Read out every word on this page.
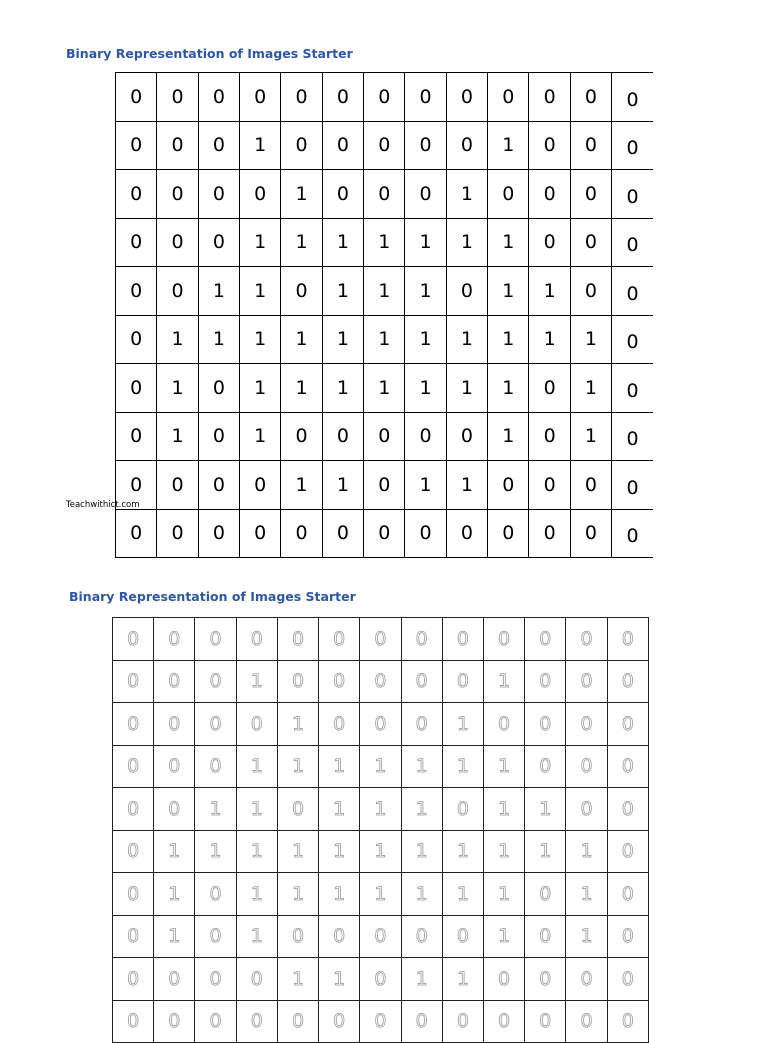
Binary Representation of Images Starter
0	0	0	0	0	0	0	0	0	0	0	0	0
0	0	0	1	0	0	0	0	0	1	0	0	0
0	0	0	0	1	0	0	0	1	0	0	0	0
0	0	0	1	1	1	1	1	1	1	0	0	0
0	0	1	1	0	1	1	1	0	1	1	0	0
0	1	1	1	1	1	1	1	1	1	1	1	0
0	1	0	1	1	1	1	1	1	1	0	1	0
0	1	0	1	0	0	0	0	0	1	0	1	0
0	0	0	0	1	1	0	1	1	0	0	0	0
0	0	0	0	0	0	0	0	0	0	0	0	0
Teachwithict.com
Binary Representation of Images Starter
0	0	0	0	0	0	0	0	0	0	0	0	0
0	0	0	1	0	0	0	0	0	1	0	0	0
0	0	0	0	1	0	0	0	1	0	0	0	0
0	0	0	1	1	1	1	1	1	1	0	0	0
0	0	1	1	0	1	1	1	0	1	1	0	0
0	1	1	1	1	1	1	1	1	1	1	1	0
0	1	0	1	1	1	1	1	1	1	0	1	0
0	1	0	1	0	0	0	0	0	1	0	1	0
0	0	0	0	1	1	0	1	1	0	0	0	0
0	0	0	0	0	0	0	0	0	0	0	0	0
